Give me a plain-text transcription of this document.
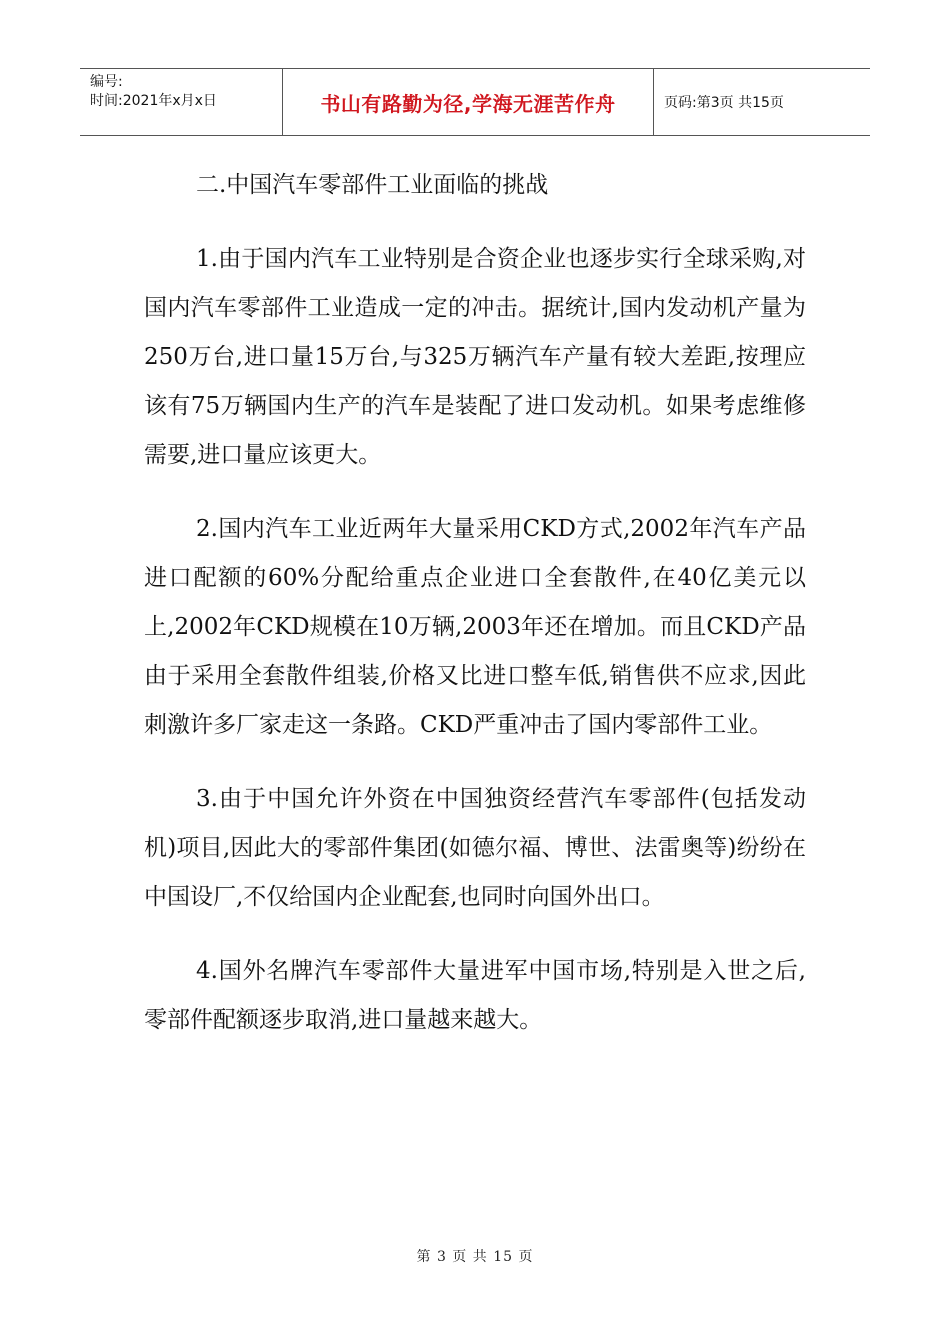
编号:
时间:2021年x月x日	书山有路勤为径,学海无涯苦作舟	页码:第3页 共15页
二.中国汽车零部件工业面临的挑战

1.由于国内汽车工业特别是合资企业也逐步实行全球采购,对国内汽车零部件工业造成一定的冲击。据统计,国内发动机产量为250万台,进口量15万台,与325万辆汽车产量有较大差距,按理应该有75万辆国内生产的汽车是装配了进口发动机。如果考虑维修需要,进口量应该更大。

2.国内汽车工业近两年大量采用CKD方式,2002年汽车产品进口配额的60%分配给重点企业进口全套散件,在40亿美元以上,2002年CKD规模在10万辆,2003年还在增加。而且CKD产品由于采用全套散件组装,价格又比进口整车低,销售供不应求,因此刺激许多厂家走这一条路。CKD严重冲击了国内零部件工业。

3.由于中国允许外资在中国独资经营汽车零部件(包括发动机)项目,因此大的零部件集团(如德尔福、博世、法雷奥等)纷纷在中国设厂,不仅给国内企业配套,也同时向国外出口。

4.国外名牌汽车零部件大量进军中国市场,特别是入世之后,零部件配额逐步取消,进口量越来越大。

第 3 页 共 15 页
